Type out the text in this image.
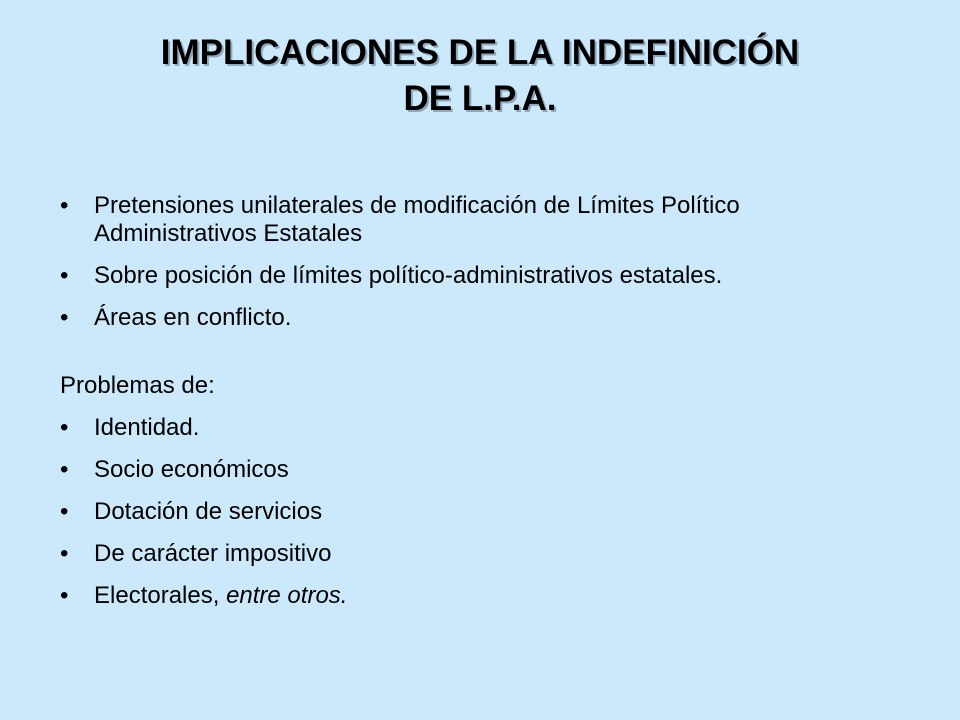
IMPLICACIONES DE LA INDEFINICIÓN
DE L.P.A.
• Pretensiones unilaterales de modificación de Límites Político Administrativos Estatales
• Sobre posición de límites político-administrativos estatales.
• Áreas en conflicto.
Problemas de:
• Identidad.
• Socio económicos
• Dotación de servicios
• De carácter impositivo
• Electorales, entre otros.
